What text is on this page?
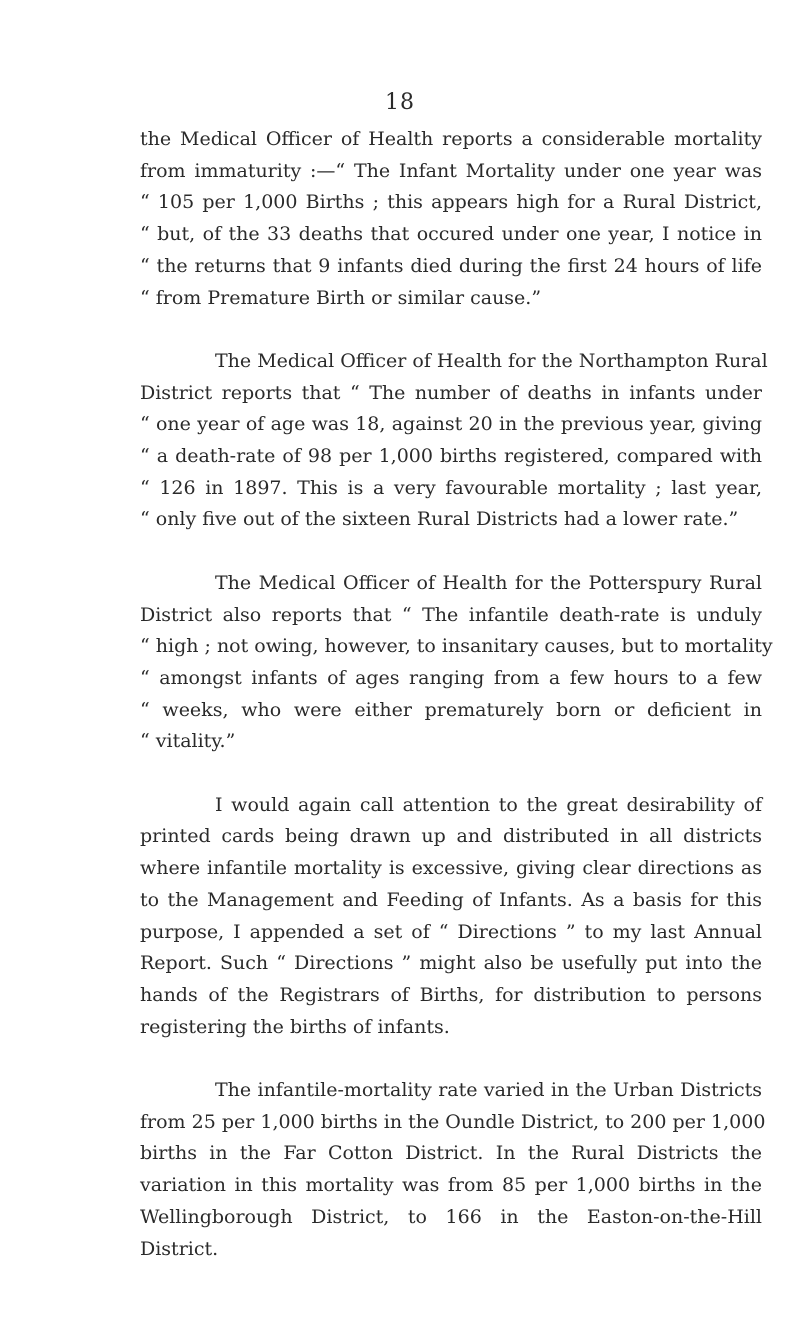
18

the Medical Officer of Health reports a considerable mortality
from immaturity :—“ The Infant Mortality under one year was
“ 105 per 1,000 Births ; this appears high for a Rural District,
“ but, of the 33 deaths that occured under one year, I notice in
“ the returns that 9 infants died during the first 24 hours of life
“ from Premature Birth or similar cause.”

The Medical Officer of Health for the Northampton Rural
District reports that “ The number of deaths in infants under
“ one year of age was 18, against 20 in the previous year, giving
“ a death-rate of 98 per 1,000 births registered, compared with
“ 126 in 1897. This is a very favourable mortality ; last year,
“ only five out of the sixteen Rural Districts had a lower rate.”

The Medical Officer of Health for the Potterspury Rural
District also reports that “ The infantile death-rate is unduly
“ high ; not owing, however, to insanitary causes, but to mortality
“ amongst infants of ages ranging from a few hours to a few
“ weeks, who were either prematurely born or deficient in
“ vitality.”

I would again call attention to the great desirability of
printed cards being drawn up and distributed in all districts
where infantile mortality is excessive, giving clear directions as
to the Management and Feeding of Infants. As a basis for this
purpose, I appended a set of “ Directions ” to my last Annual
Report. Such “ Directions ” might also be usefully put into the
hands of the Registrars of Births, for distribution to persons
registering the births of infants.

The infantile-mortality rate varied in the Urban Districts
from 25 per 1,000 births in the Oundle District, to 200 per 1,000
births in the Far Cotton District. In the Rural Districts the
variation in this mortality was from 85 per 1,000 births in the
Wellingborough District, to 166 in the Easton-on-the-Hill
District.
